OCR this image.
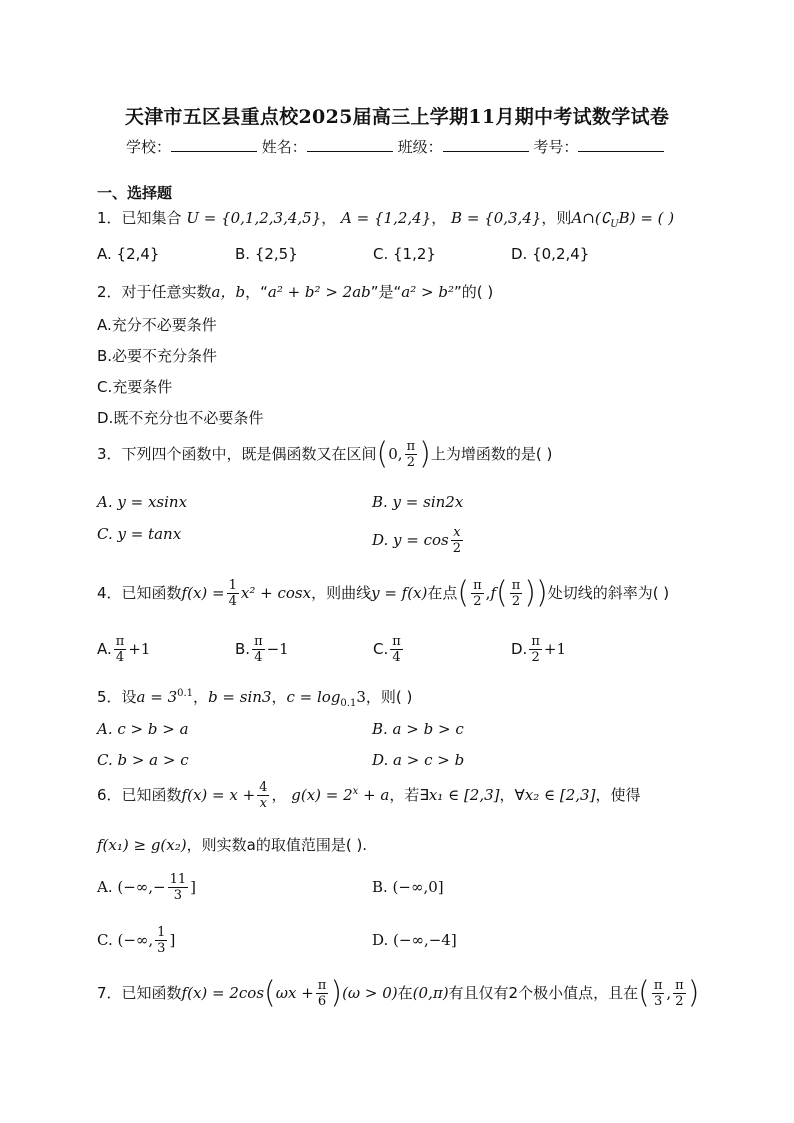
天津市五区县重点校2025届高三上学期11月期中考试数学试卷
学校：	姓名：	班级：	考号：
一、选择题
1．已知集合 U = {0,1,2,3,4,5}， A = {1,2,4}， B = {0,3,4}，则$A\cap(∁_UB)$ = ( )
A. {2,4}	B. {2,5}	C. {1,2}	D. {0,2,4}
2．对于任意实数a，b，“a² + b² > 2ab”是“a² > b²”的( )
A.充分不必要条件
B.必要不充分条件
C.充要条件
D.既不充分也不必要条件
3．下列四个函数中，既是偶函数又在区间(0, $\frac{\pi}{2}$ )上为增函数的是( )
A. y = xsinx	B. y = sin2x
C. y = tanx	D. $y = \cos \frac{x}{2}$
4．已知函数$f(x) = \frac{1}{4} x^2 + \cos x$，则曲线y = f(x)在点( $\frac{\pi}{2} ,f( \frac{\pi}{2}$ ))处切线的斜率为( )
A. $\frac{\pi}{4} +1$	B. $\frac{\pi}{4} -1$	C. $\frac{\pi}{4}$	D. $\frac{\pi}{2} +1$
5．设$a = 3^{0.1}$，b = sin3，$c = \log_{0.1}3$，则( )
A. c > b > a	B. a > b > c
C. b > a > c	D. a > c > b
6．已知函数$f(x) = x + \frac{4}{x}$ ， $g(x) = 2^x + a$，若∃x₁ ∈ [2,3]，∀x₂ ∈ [2,3]，使得
f(x₁) ≥ g(x₂)，则实数a的取值范围是( ).
A. (−∞,− $\frac{11}{3}$ ]	B. (−∞,0]
C. (−∞, $\frac{1}{3}$ ]	D. (−∞,−4]
7．已知函数$f(x) = 2\cos(\omega x + \frac{\pi}{6} )(\omega > 0)$在(0,π)有且仅有2个极小值点，且在( $\frac{\pi}{3}$ , $\frac{\pi}{2}$ )
